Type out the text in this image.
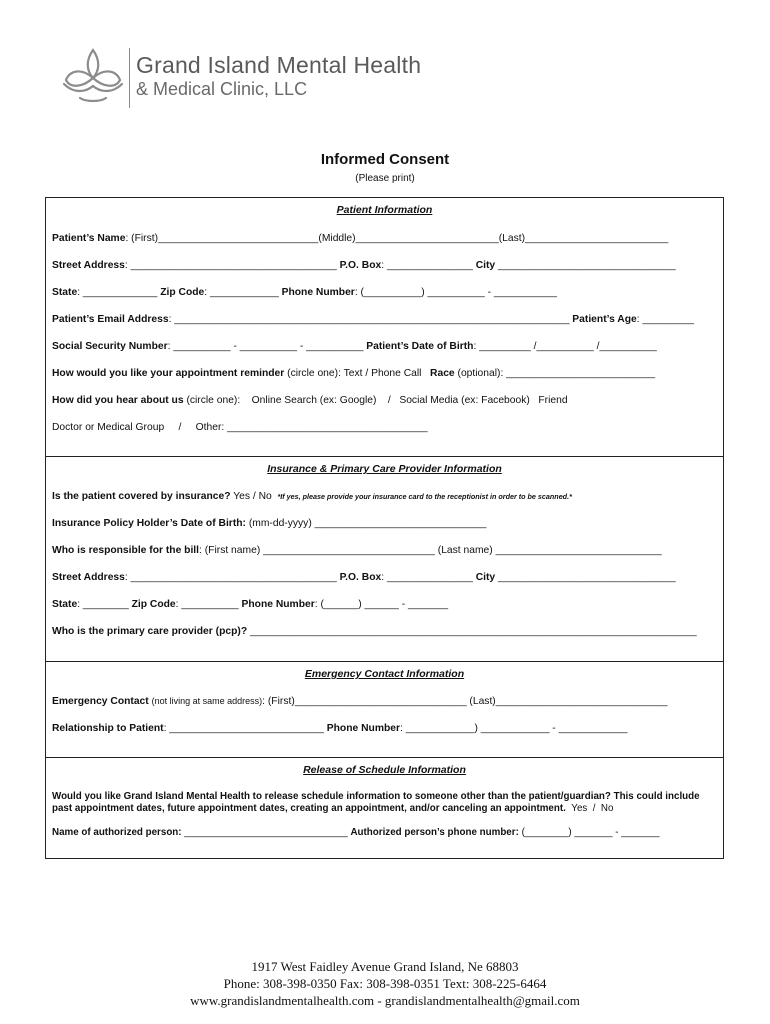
Grand Island Mental Health
& Medical Clinic, LLC
Informed Consent
(Please print)
Patient Information
Patient’s Name: (First)____________________________(Middle)_________________________(Last)_________________________
Street Address: ____________________________________ P.O. Box: _______________ City _______________________________
State: _____________ Zip Code: ____________ Phone Number: (__________) __________ - ___________
Patient’s Email Address: _____________________________________________________________________ Patient’s Age: _________
Social Security Number: __________ - __________ - __________ Patient’s Date of Birth: _________ /__________ /__________
How would you like your appointment reminder (circle one): Text / Phone Call   Race (optional): __________________________
How did you hear about us (circle one):    Online Search (ex: Google)    /   Social Media (ex: Facebook)   Friend
Doctor or Medical Group     /     Other: ___________________________________
Insurance & Primary Care Provider Information
Is the patient covered by insurance? Yes / No  *If yes, please provide your insurance card to the receptionist in order to be scanned.*
Insurance Policy Holder’s Date of Birth: (mm-dd-yyyy) ______________________________
Who is responsible for the bill: (First name) ______________________________ (Last name) _____________________________
Street Address: ____________________________________ P.O. Box: _______________ City _______________________________
State: ________ Zip Code: __________ Phone Number: (______) ______ - _______
Who is the primary care provider (pcp)? ______________________________________________________________________________
Emergency Contact Information
Emergency Contact (not living at same address): (First)______________________________ (Last)______________________________
Relationship to Patient: ___________________________ Phone Number: ____________) ____________ - ____________
Release of Schedule Information
Would you like Grand Island Mental Health to release schedule information to someone other than the patient/guardian? This could include past appointment dates, future appointment dates, creating an appointment, and/or canceling an appointment.  Yes  /  No
Name of authorized person: ______________________________ Authorized person’s phone number: (________) _______ - _______
1917 West Faidley Avenue Grand Island, Ne 68803
Phone: 308-398-0350 Fax: 308-398-0351 Text: 308-225-6464
www.grandislandmentalhealth.com - grandislandmentalhealth@gmail.com
